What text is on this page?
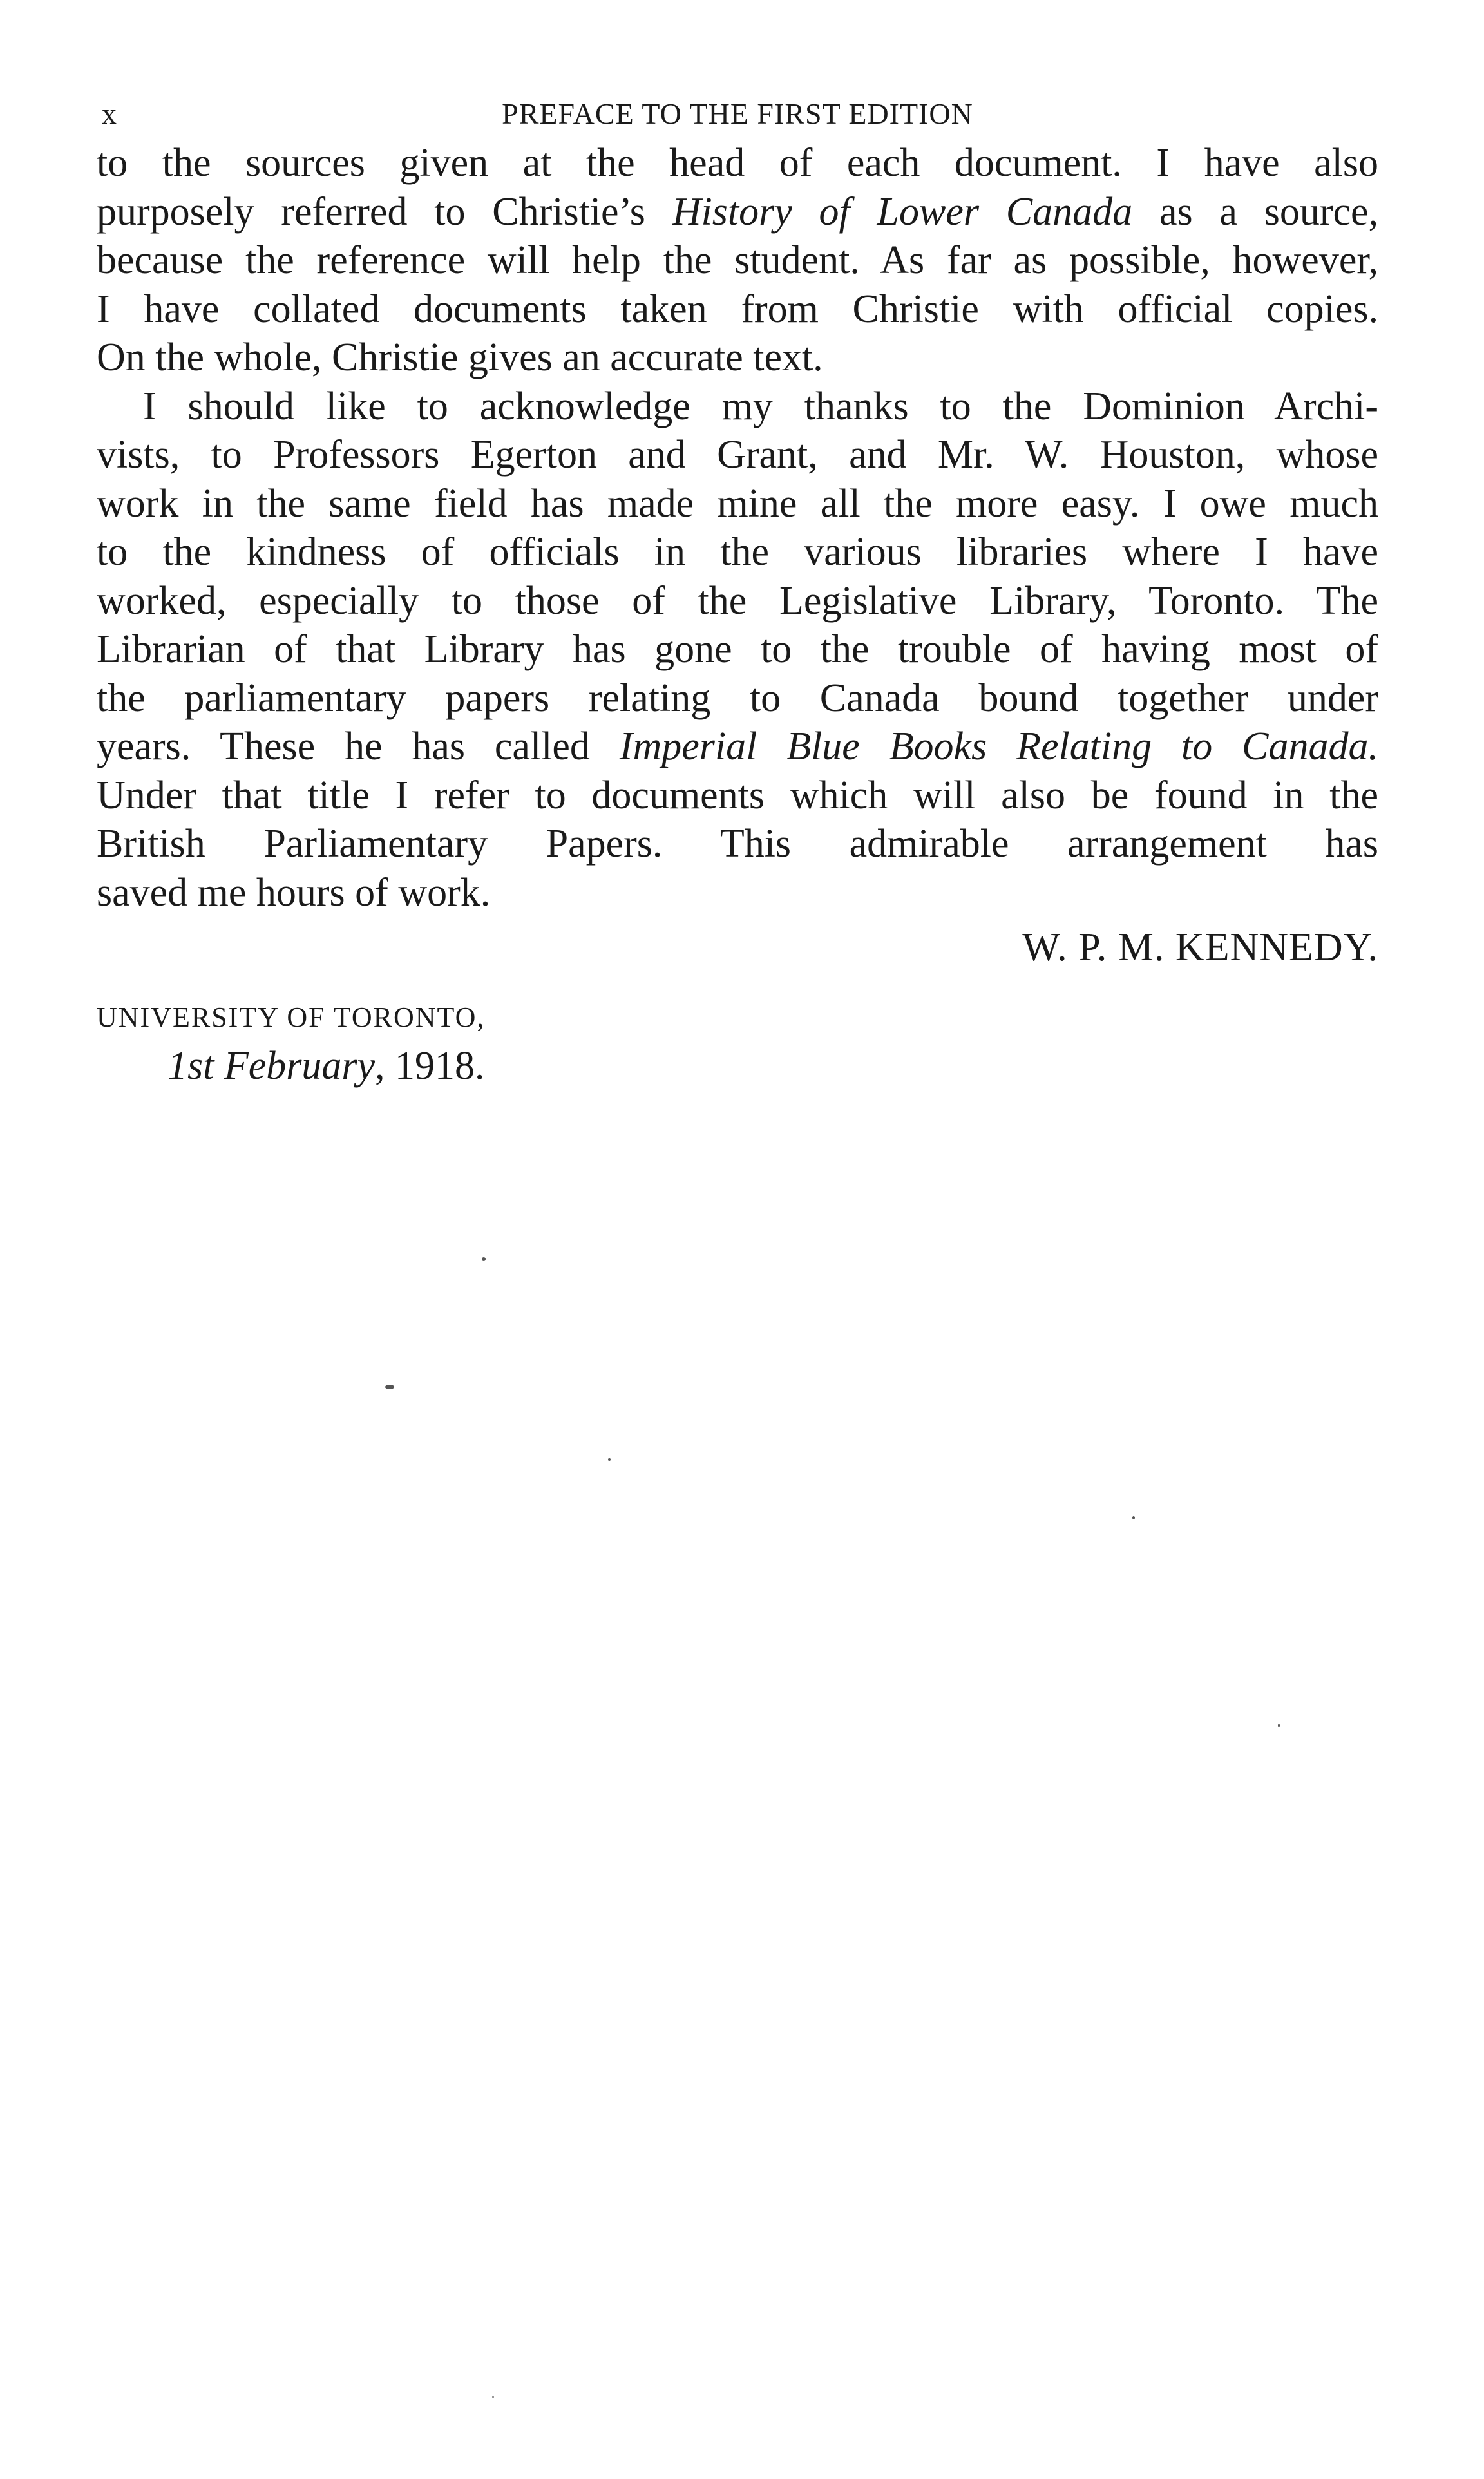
x	PREFACE TO THE FIRST EDITION
to the sources given at the head of each document. I have also
purposely referred to Christie’s History of Lower Canada as a source,
because the reference will help the student. As far as possible, however,
I have collated documents taken from Christie with official copies.
On the whole, Christie gives an accurate text.
I should like to acknowledge my thanks to the Dominion Archi-
vists, to Professors Egerton and Grant, and Mr. W. Houston, whose
work in the same field has made mine all the more easy. I owe much
to the kindness of officials in the various libraries where I have
worked, especially to those of the Legislative Library, Toronto. The
Librarian of that Library has gone to the trouble of having most of
the parliamentary papers relating to Canada bound together under
years. These he has called Imperial Blue Books Relating to Canada.
Under that title I refer to documents which will also be found in the
British Parliamentary Papers. This admirable arrangement has
saved me hours of work.
W. P. M. KENNEDY.
UNIVERSITY OF TORONTO,
1st February, 1918.
